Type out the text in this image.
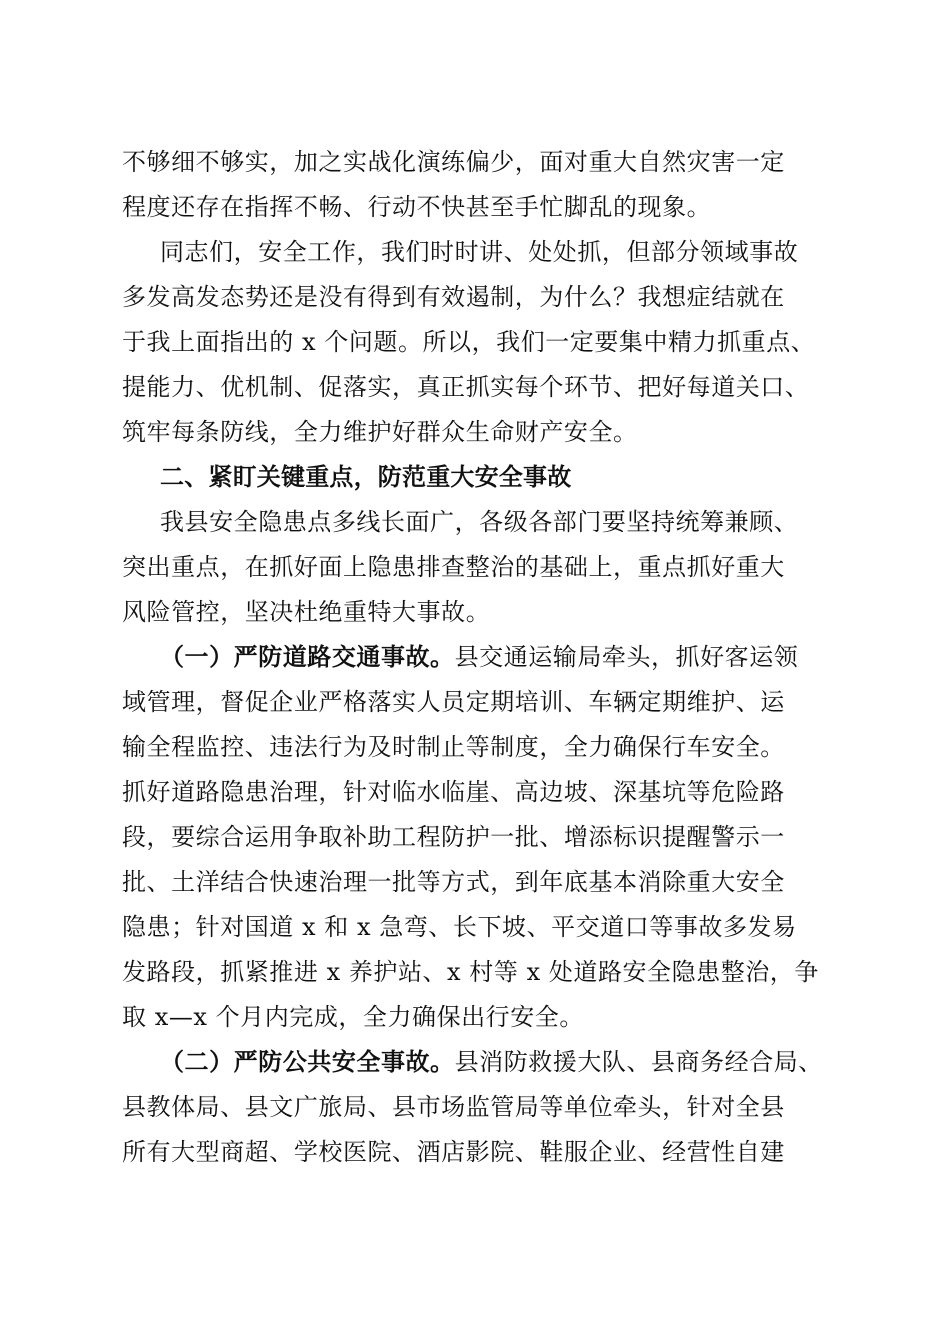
不够细不够实，加之实战化演练偏少，面对重大自然灾害一定
程度还存在指挥不畅、行动不快甚至手忙脚乱的现象。
同志们，安全工作，我们时时讲、处处抓，但部分领域事故
多发高发态势还是没有得到有效遏制，为什么？我想症结就在
于我上面指出的 x 个问题。所以，我们一定要集中精力抓重点、
提能力、优机制、促落实，真正抓实每个环节、把好每道关口、
筑牢每条防线，全力维护好群众生命财产安全。
二、紧盯关键重点，防范重大安全事故
我县安全隐患点多线长面广，各级各部门要坚持统筹兼顾、
突出重点，在抓好面上隐患排查整治的基础上，重点抓好重大
风险管控，坚决杜绝重特大事故。
（一）严防道路交通事故。县交通运输局牵头，抓好客运领
域管理，督促企业严格落实人员定期培训、车辆定期维护、运
输全程监控、违法行为及时制止等制度，全力确保行车安全。
抓好道路隐患治理，针对临水临崖、高边坡、深基坑等危险路
段，要综合运用争取补助工程防护一批、增添标识提醒警示一
批、土洋结合快速治理一批等方式，到年底基本消除重大安全
隐患；针对国道 x 和 x 急弯、长下坡、平交道口等事故多发易
发路段，抓紧推进 x 养护站、x 村等 x 处道路安全隐患整治，争
取 x—x 个月内完成，全力确保出行安全。
（二）严防公共安全事故。县消防救援大队、县商务经合局、
县教体局、县文广旅局、县市场监管局等单位牵头，针对全县
所有大型商超、学校医院、酒店影院、鞋服企业、经营性自建
